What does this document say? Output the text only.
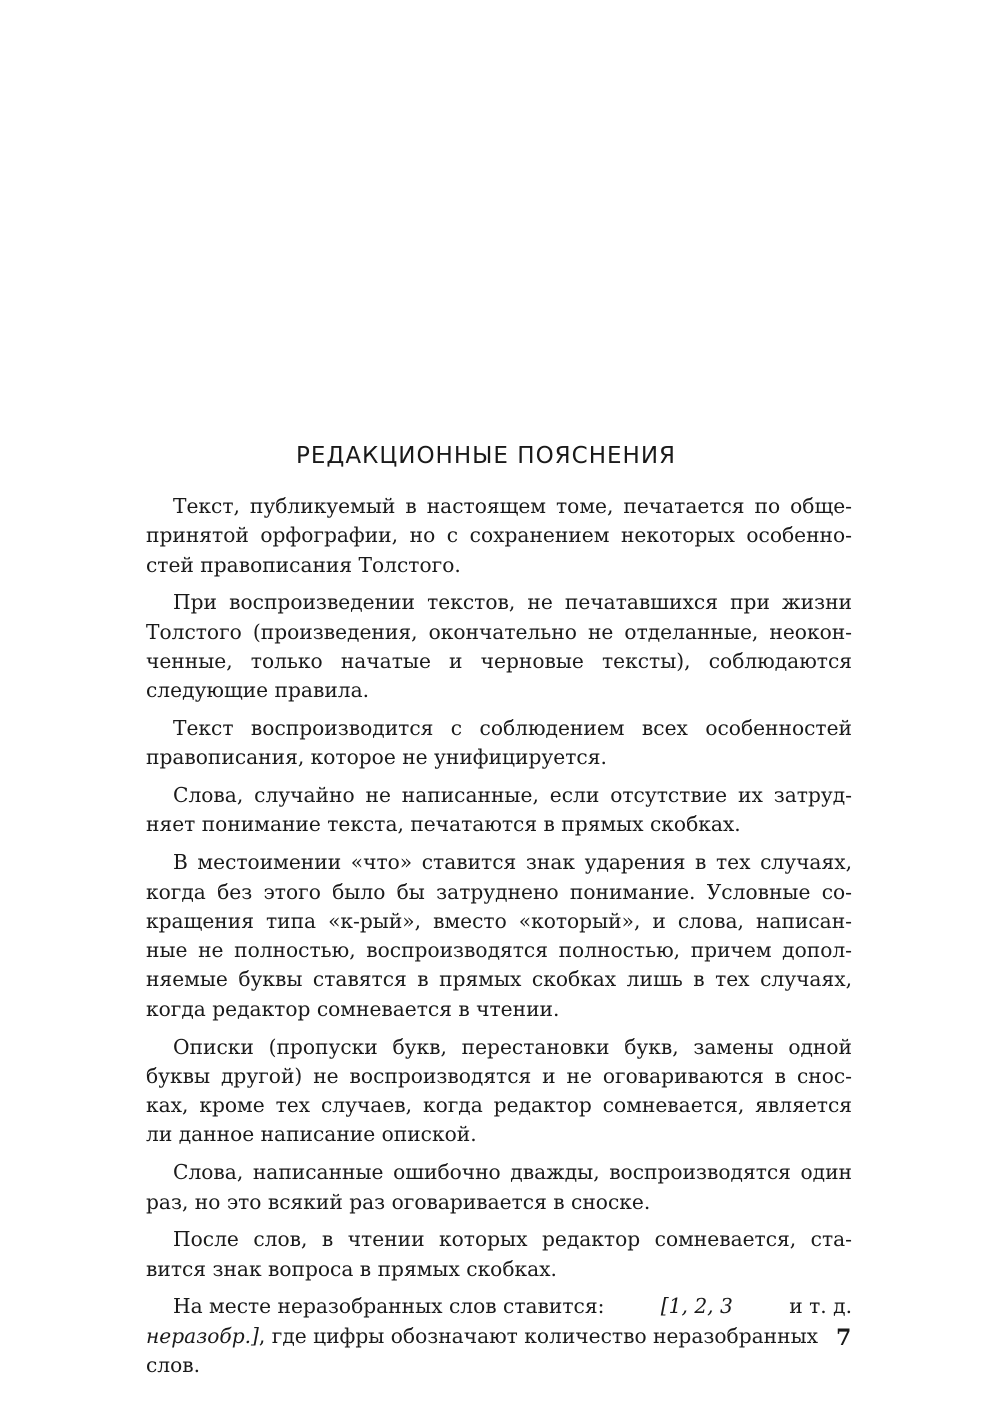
РЕДАКЦИОННЫЕ ПОЯСНЕНИЯ

Текст, публикуемый в настоящем томе, печатается по обще-
принятой орфографии, но с сохранением некоторых особенно-
стей правописания Толстого.

При воспроизведении текстов, не печатавшихся при жизни
Толстого (произведения, окончательно не отделанные, неокон-
ченные, только начатые и черновые тексты), соблюдаются
следующие правила.

Текст воспроизводится с соблюдением всех особенностей
правописания, которое не унифицируется.

Слова, случайно не написанные, если отсутствие их затруд-
няет понимание текста, печатаются в прямых скобках.

В местоимении «что» ставится знак ударения в тех случаях,
когда без этого было бы затруднено понимание. Условные со-
кращения типа «к-рый», вместо «который», и слова, написан-
ные не полностью, воспроизводятся полностью, причем допол-
няемые буквы ставятся в прямых скобках лишь в тех случаях,
когда редактор сомневается в чтении.

Описки (пропуски букв, перестановки букв, замены одной
буквы другой) не воспроизводятся и не оговариваются в снос-
ках, кроме тех случаев, когда редактор сомневается, является
ли данное написание опиской.

Слова, написанные ошибочно дважды, воспроизводятся один
раз, но это всякий раз оговаривается в сноске.

После слов, в чтении которых редактор сомневается, ста-
вится знак вопроса в прямых скобках.

На месте неразобранных слов ставится:	[1, 2, 3	и т. д.
неразобр.], где цифры обозначают количество неразобранных
слов.

7
